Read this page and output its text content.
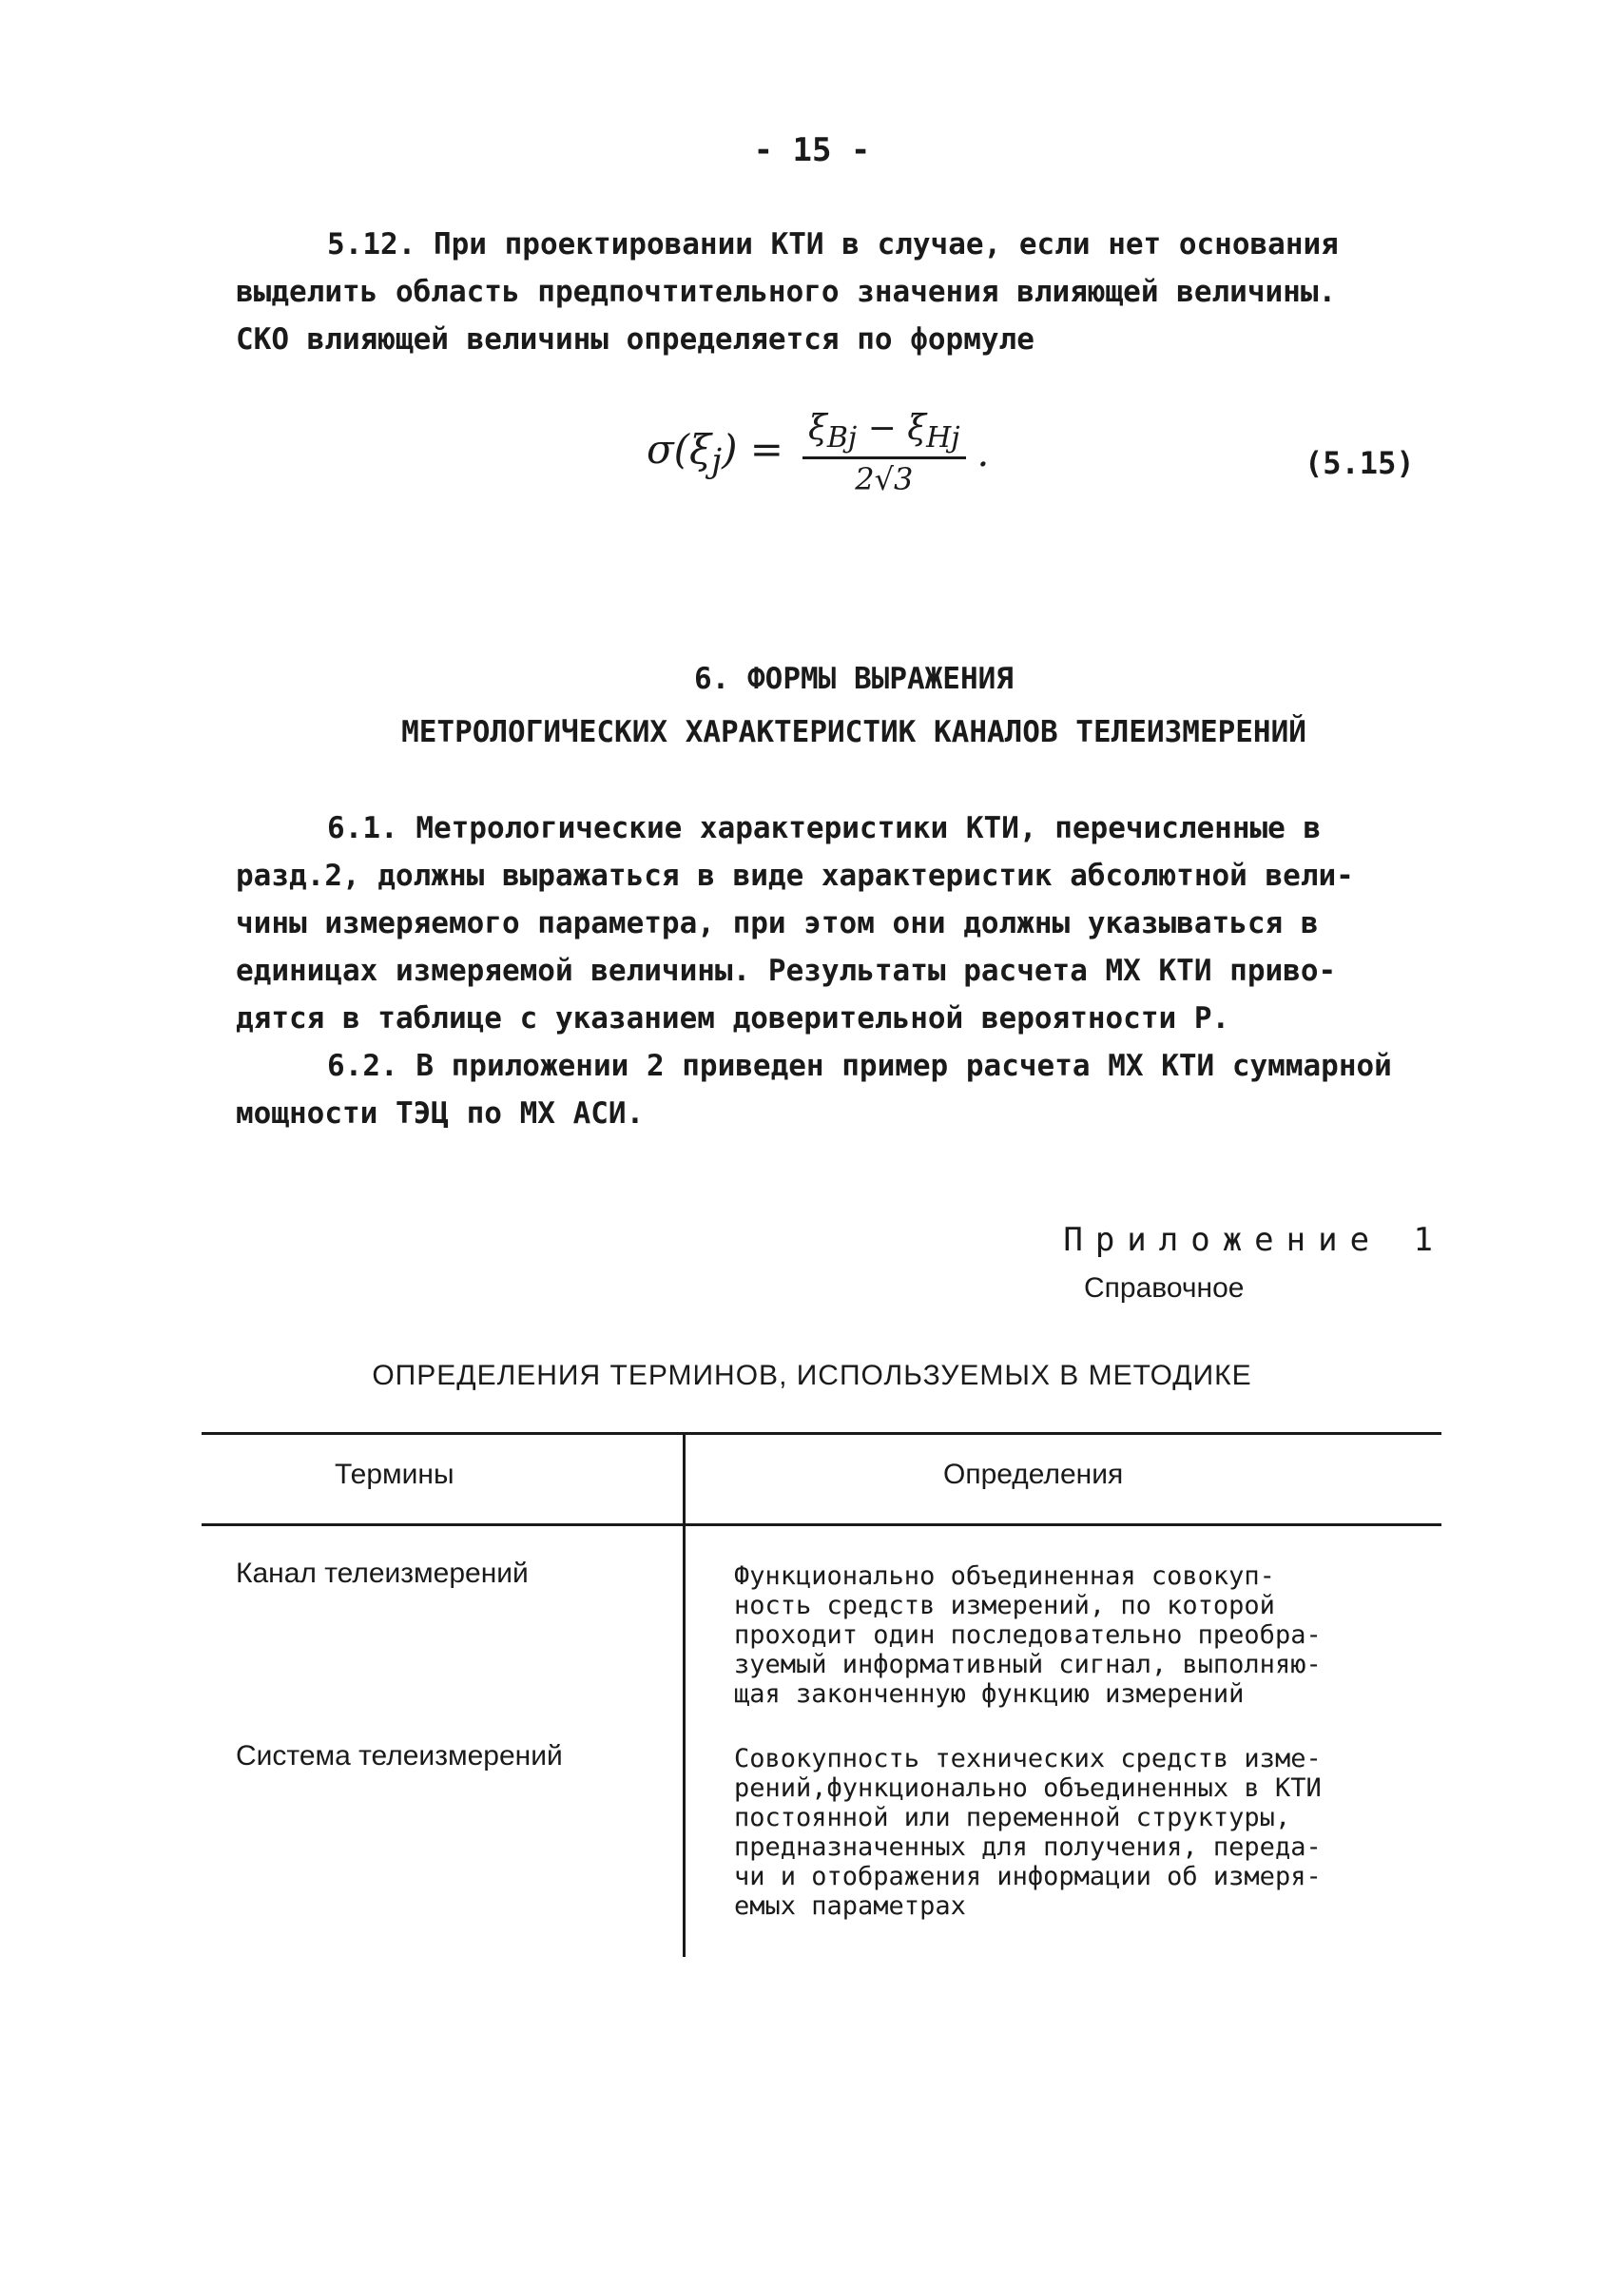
- 15 -
5.12. При проектировании КТИ в случае, если нет основания
выделить область предпочтительного значения влияющей величины.
СКО влияющей величины определяется по формуле
$\sigma(\xi_j) = \frac{\xi_{Bj} - \xi_{Hj}}{2√3}$ .	(5.15)
6. ФОРМЫ ВЫРАЖЕНИЯ
МЕТРОЛОГИЧЕСКИХ ХАРАКТЕРИСТИК КАНАЛОВ ТЕЛЕИЗМЕРЕНИЙ
6.1. Метрологические характеристики КТИ, перечисленные в
разд.2, должны выражаться в виде характеристик абсолютной вели-
чины измеряемого параметра, при этом они должны указываться в
единицах измеряемой величины. Результаты расчета МХ КТИ приво-
дятся в таблице с указанием доверительной вероятности Р.
6.2. В приложении 2 приведен пример расчета МХ КТИ суммарной
мощности ТЭЦ по МХ АСИ.
Приложение 1
Справочное
ОПРЕДЕЛЕНИЯ ТЕРМИНОВ, ИСПОЛЬЗУЕМЫХ В МЕТОДИКЕ
Термины	Определения
Канал телеизмерений	Функционально объединенная совокуп-
ность средств измерений, по которой
проходит один последовательно преобра-
зуемый информативный сигнал, выполняю-
щая законченную функцию измерений
Система телеизмерений	Совокупность технических средств изме-
рений,функционально объединенных в КТИ
постоянной или переменной структуры,
предназначенных для получения, переда-
чи и отображения информации об измеря-
емых параметрах
